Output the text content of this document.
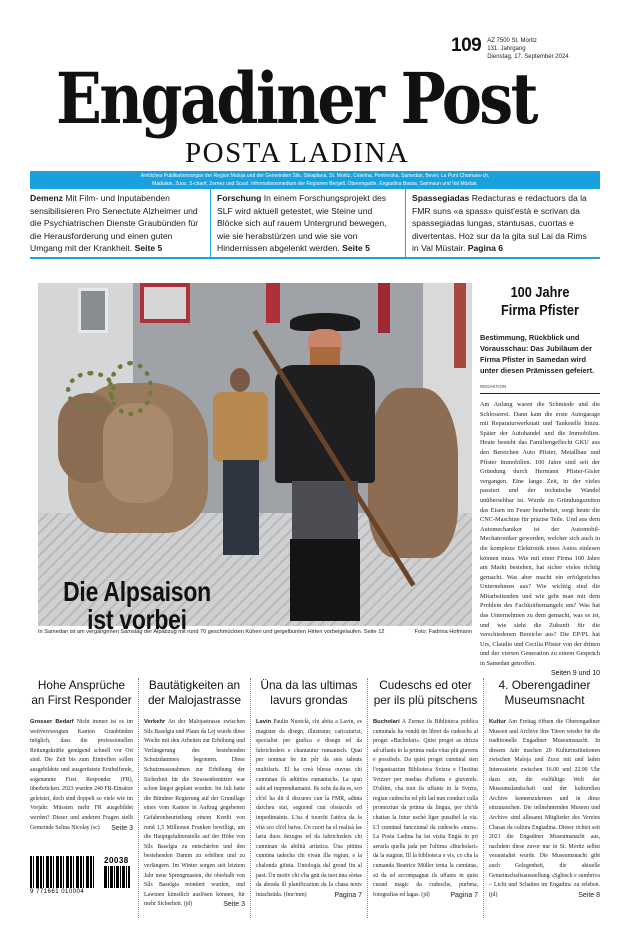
109 AZ 7500 St. Moritz
131. Jahrgang
Dienstag, 17. September 2024
Engadiner Post
POSTA LADINA
Amtliches Publikationsorgan der Region Maloja und der Gemeinden Sils, Silvaplana, St. Moritz, Celerina, Pontresina, Samedan, Bever, La Punt Chamues-ch,
Madulain, Zuoz, S-chanf, Zernez und Scuol. Informationsmedium der Regionen Bergell, Oberengadin, Engiadina Bassa, Samnaun und Val Müstair.
Demenz Mit Film- und Inputabenden sensibilisieren Pro Senectute Alzheimer und die Psychiatrischen Dienste Graubünden für die Herausforderung und einen guten Umgang mit der Krankheit. Seite 5
Forschung In einem Forschungsprojekt des SLF wird aktuell getestet, wie Steine und Blöcke sich auf rauem Untergrund bewegen, wie sie herabstürzen und wie sie von Hindernissen abgelenkt werden. Seite 5
Spassegiadas Redacturas e redactuors da la FMR suns «a spass» quist'està e scrivan da spassegiadas lungas, stantusas, cuortas e divertentas. Hoz sur da la gita sul Lai da Rims in Val Müstair. Pagina 6
Die Alpsaison
ist vorbei
In Samedan ist am vergangenen Samstag der Alpabzug mit rund 70 geschmückten Kühen und geigelbunten Hirten vorbeigelaufen. Seite 12	Foto: Fadrina Hofmann
100 Jahre
Firma Pfister
Bestimmung, Rückblick und Vorausschau: Das Jubiläum der Firma Pfister in Samedan wird unter diesen Prämissen gefeiert.
REDAKTION
Am Anfang waren die Schmiede und die Schlosserei. Dann kam die erste Autogarage mit Reparaturwerkstatt und Tankstelle hinzu. Später der Autohandel und die Immobilien. Heute besteht das Familiengeflecht GKU aus den Bereichen Auto Pfister, Metallbau und Pfister Immobilien. 100 Jahre sind seit der Gründung durch Hermann Pfister-Gisler vergangen. Eine lange Zeit, in der vieles passiert und der technische Wandel unübersehbar ist. Wurde zu Gründungszeiten das Eisen im Feuer bearbeitet, sorgt heute die CNC-Maschine für präzise Teile. Und aus dem Automechaniker ist der Automobil-Mechatroniker geworden, welcher sich auch in die komplexe Elektronik eines Autos einlesen können muss. Wie mit einer Firma 100 Jahre am Markt bestehen, hat sicher vieles richtig gemacht. Was aber macht ein erfolgreiches Unternehmen aus? Wie wichtig sind die Mitarbeitenden und wie geht man mit dem Problem des Fachkräftemangels um? Was hat das Unternehmen zu dem gemacht, was es ist, und wie sieht die Zukunft für die verschiedenen Bereiche aus? Die EP/PL hat Urs, Claudio und Cecilia Pfister von der dritten und der vierten Generation zu einem Gespräch in Samedan getroffen.
Seiten 9 und 10
Hohe Ansprüche an First Responder
Grosser Bedarf Nicht immer ist es im weitverzweigten Kanton Graubünden möglich, dass die professionellen Rettungskräfte genügend schnell vor Ort sind. Die Zeit bis zum Eintreffen sollen ausgebildete und ausgerüstete Ersthelfende, sogenannte First Responder (FR), überbrücken. 2023 wurden 240 FR-Einsätze geleistet, doch sind doppelt so viele wie im Vorjahr. Müssten mehr FR ausgebildet werden? Dieser und anderen Fragen stellt Gemeinde Selina Nicolay (sc) Seite 3
Bautätigkeiten an der Malojastrasse
Verkehr An der Malojastrasse zwischen Sils Baselgia und Plaun da Lej wurde diese Woche mit den Arbeiten zur Erhöhung und Verlängerung des bestehenden Schutzdammes begonnen. Diese Schutzmassnahmen zur Erhöhung der Sicherheit für die Strassenbenützer war schon längst geplant worden. Im Juli hatte die Bündner Regierung auf der Grundlage eines vom Kanton in Auftrag gegebenen Gefahrenbeurteilung einem Kredit von rund 1,5 Millionen Franken bewilligt, um die Hauptgefahrenstelle auf der Höhe von Sils Baselgia zu entschärfen und den bestehenden Damm zu erhöhen und zu verlängern. Im Winter sorgen seit letztem Jahr neue Sprengmasten, die oberhalb von Sils Baselgia montiert wurden, und Lawinen künstlich auslösen können, für mehr Sicherheit. (jd)	Seite 3
Üna da las ultimas lavurs grondas
Lavin Paulin Nuotclà, chi abita a Lavin, es magister da disegn, illustratur, caricaturist, specialist per grafica e disegn ed da fabricheders e chantautur rumantsch. Quai per nomnar be ün pêr da seis talents multifaris. El ha creà bleras ouvras chi cumünan ils adüttins rumantschs. La quai sabi ad imprendiamaint. Ils ochs da da es, sco ch'el ha dit il discuors cun la FMR, adüna darcheu stat, seguond cun obstaculs ed impedimaints. L'iss d tuorchi l'attiva da fa vita sco ch'el baiva. Ün cuort ha el realisà las larta duos dezegns ed da fabricheders chi cumünan da abilità artistica. Üna pittüra cumüna tadecha chi vivan illa regiun, e la chalonda giüsta. Üntologia dal grond fin al past. Ün motiv chi s'ha gnü da tuot üna sòrtas da abrada ill planificaziun da la chasa nouv intachsüda. (fmr/mm)	Pagina 7
Cudeschs ed oter per ils plü pitschens
Bucholari A Zernez ils Biblioteca publica cumunala ha vendü ün libret da cudeschs al proget «Bucholari». Quist proget as drizza ad uffants in la prüma ouda vitas plü giuvens e possibels. Da quist proget cumünal sten l'organisaziun Biblioteca Svizra e l'Institut Svizzer per medias d'uffants e giuvenils. D'ultim, cha tuot ils uffants in la Svizra, regian cudeschs ed plü lad nun conduct culla promoziun da prüma da lingua, per chi'ds chattan la futur uschè liger pussibel la via. L'l cumünal funcziunal da cudeschs «nurs». La Posta Ladina ha fat visita Engià in pri aerarla quella jada per l'ultima «Bucholari» da la stagiun. Ill la biblioteca e vis, co cha la cumanda Beatrice Müller tenta la cumünas, sü da ed accompagnat ils uffants in quist cuond magic da cudeschs, purbeta, fotografias ed lagas. (jd)	Pagina 7
4. Oberengadiner Museumsnacht
Kultur Am Freitag öffnen die Oberengadiner Museen und Archive ihre Türen wieder für die traditionelle Engadiner Museumsnacht. In diesem Jahr machen 20 Kulturinstitutionen zwischen Maloja und Zuoz mit und laden Interessierte zwischen 16.00 und 22.00 Uhr dazu ein, die vielfältige Welt der Museumslandschaft und der kulturellen Archive kennenzulernen und in diese einzutauchen. Die teilnehmenden Museen und Archive sind allesamt Mitglieder des Vereins Chasas da cultura Engiadina. Dieser richtet seit 2021 die Engadiner Museumsnacht aus, nachdem diese zuvor nur in St. Moritz selbst veranstaltet wurde. Die Museumsnacht gibt auch Gelegenheit, die aktuelle Gemeinschaftsausstellung «Sglüsch e sumbriva – Licht und Schatten im Engadin» zu erleben. (jd)	Seite 8
20038
9 771661 010004
